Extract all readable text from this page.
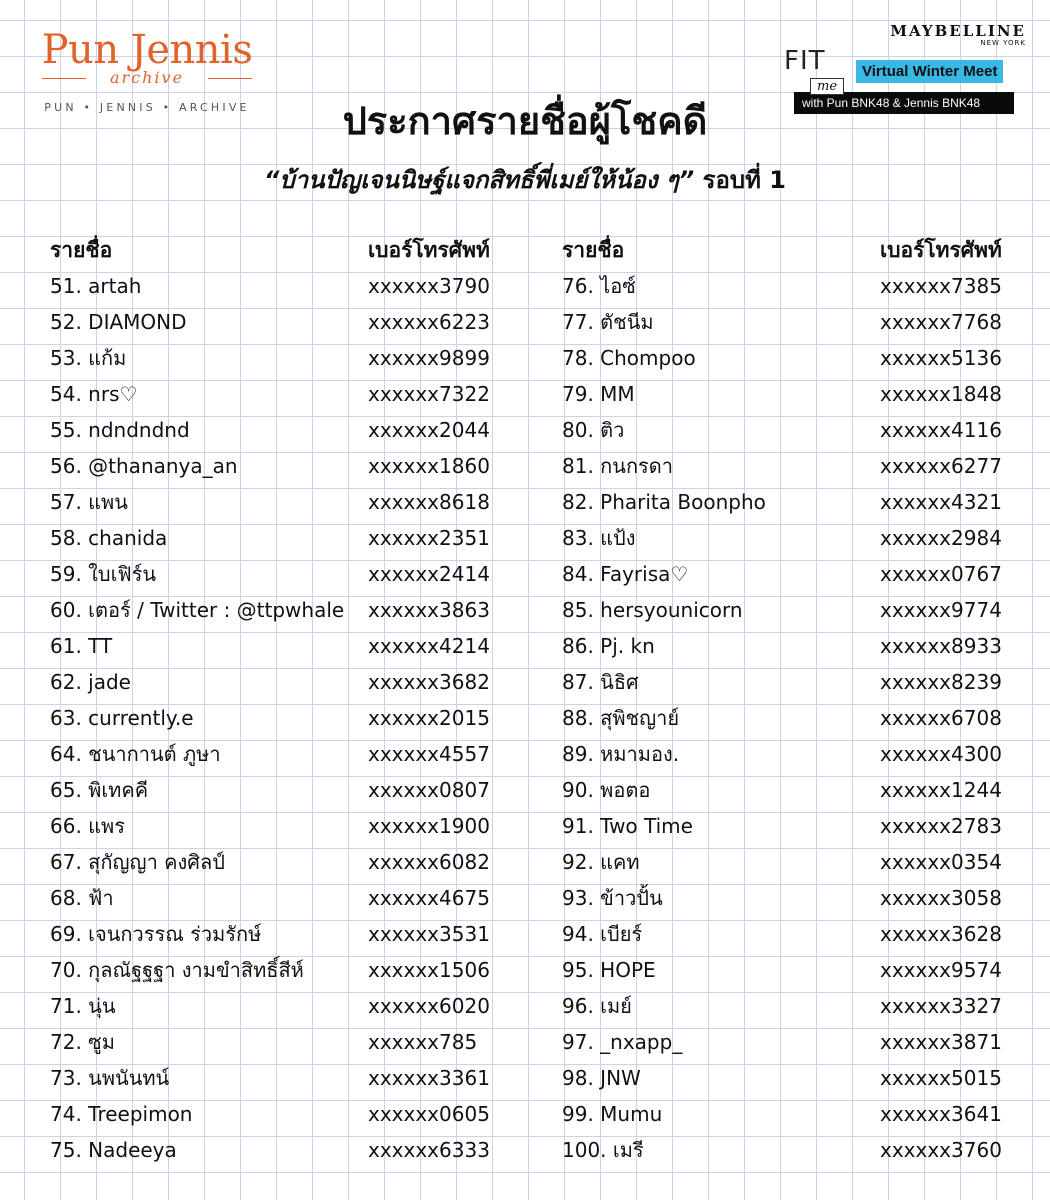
Pun Jennis
archive
PUN • JENNIS • ARCHIVE
MAYBELLINE
NEW YORK
FIT
me
Virtual Winter Meet
with Pun BNK48 & Jennis BNK48
ประกาศรายชื่อผู้โชคดี
“บ้านปัญเจนนิษฐ์แจกสิทธิ์พี่เมย์ให้น้อง ๆ” รอบที่ 1
รายชื่อ	เบอร์โทรศัพท์
51. artah	xxxxxx3790
52. DIAMOND	xxxxxx6223
53. แก้ม	xxxxxx9899
54. nrs♡	xxxxxx7322
55. ndndndnd	xxxxxx2044
56. @thananya_an	xxxxxx1860
57. แพน	xxxxxx8618
58. chanida	xxxxxx2351
59. ใบเฟิร์น	xxxxxx2414
60. เตอร์ / Twitter : @ttpwhale xxxxxx3863
61. TT	xxxxxx4214
62. jade	xxxxxx3682
63. currently.e	xxxxxx2015
64. ชนากานต์ ภูษา	xxxxxx4557
65. พิเทคคี	xxxxxx0807
66. แพร	xxxxxx1900
67. สุกัญญา คงศิลป์	xxxxxx6082
68. ฟ้า	xxxxxx4675
69. เจนกวรรณ ร่วมรักษ์	xxxxxx3531
70. กุลณัฐฐฐา งามขำสิทธิ์สีห์	xxxxxx1506
71. นุ่น	xxxxxx6020
72. ซูม	xxxxxx785
73. นพนันทน์	xxxxxx3361
74. Treepimon	xxxxxx0605
75. Nadeeya	xxxxxx6333
รายชื่อ	เบอร์โทรศัพท์
76. ไอซ์	xxxxxx7385
77. ตัชนีม	xxxxxx7768
78. Chompoo	xxxxxx5136
79. MM	xxxxxx1848
80. ติว	xxxxxx4116
81. กนกรดา	xxxxxx6277
82. Pharita Boonpho	xxxxxx4321
83. แป้ง	xxxxxx2984
84. Fayrisa♡	xxxxxx0767
85. hersyounicorn	xxxxxx9774
86. Pj. kn	xxxxxx8933
87. นิธิศ	xxxxxx8239
88. สุพิชญาย์	xxxxxx6708
89. หมามอง.	xxxxxx4300
90. พอตอ	xxxxxx1244
91. Two Time	xxxxxx2783
92. แคท	xxxxxx0354
93. ข้าวปั้น	xxxxxx3058
94. เบียร์	xxxxxx3628
95. HOPE	xxxxxx9574
96. เมย์	xxxxxx3327
97. _nxapp_	xxxxxx3871
98. JNW	xxxxxx5015
99. Mumu	xxxxxx3641
100. เมรี	xxxxxx3760
